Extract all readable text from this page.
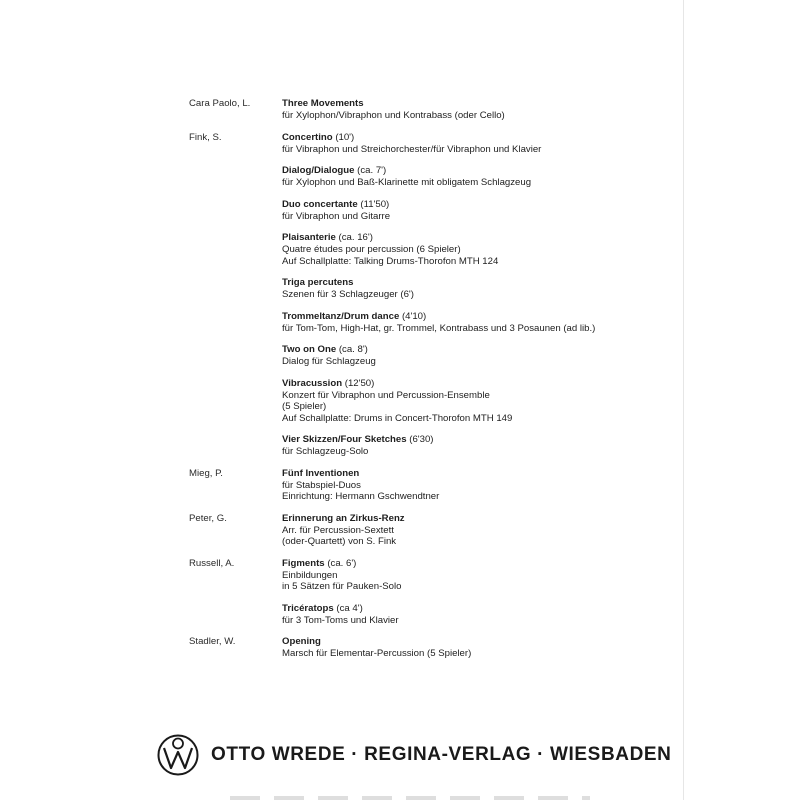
Cara Paolo, L.	Three Movements
für Xylophon/Vibraphon und Kontrabass (oder Cello)
Fink, S.	Concertino (10')
für Vibraphon und Streichorchester/für Vibraphon und Klavier
Dialog/Dialogue (ca. 7')
für Xylophon und Baß-Klarinette mit obligatem Schlagzeug
Duo concertante (11'50)
für Vibraphon und Gitarre
Plaisanterie (ca. 16')
Quatre études pour percussion (6 Spieler)
Auf Schallplatte: Talking Drums-Thorofon MTH 124
Triga percutens
Szenen für 3 Schlagzeuger (6')
Trommeltanz/Drum dance (4'10)
für Tom-Tom, High-Hat, gr. Trommel, Kontrabass und 3 Posaunen (ad lib.)
Two on One (ca. 8')
Dialog für Schlagzeug
Vibracussion (12'50)
Konzert für Vibraphon und Percussion-Ensemble
(5 Spieler)
Auf Schallplatte: Drums in Concert-Thorofon MTH 149
Vier Skizzen/Four Sketches (6'30)
für Schlagzeug-Solo
Mieg, P.	Fünf Inventionen
für Stabspiel-Duos
Einrichtung: Hermann Gschwendtner
Peter, G.	Erinnerung an Zirkus-Renz
Arr. für Percussion-Sextett
(oder-Quartett) von S. Fink
Russell, A.	Figments (ca. 6')
Einbildungen
in 5 Sätzen für Pauken-Solo
Tricératops (ca 4')
für 3 Tom-Toms und Klavier
Stadler, W.	Opening
Marsch für Elementar-Percussion (5 Spieler)
OTTO WREDE · REGINA-VERLAG · WIESBADEN
